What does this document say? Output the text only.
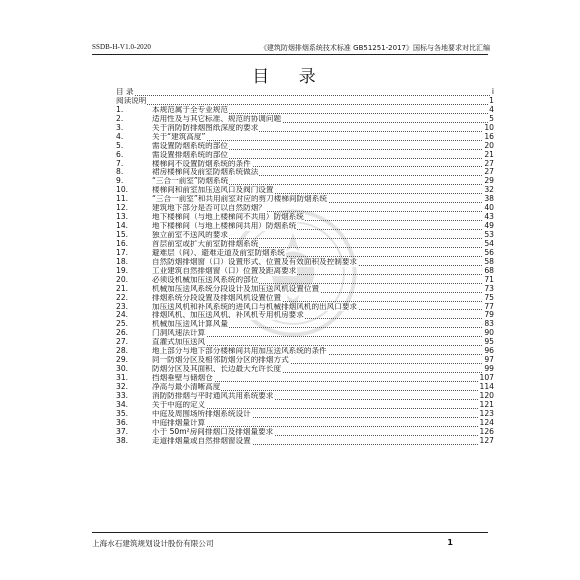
SSDB-H-V1.0-2020	《建筑防烟排烟系统技术标准 GB51251-2017》国标与各地要求对比汇编
目 录
目 录	i
阅读说明	1
1.	本规范属于全专业规范	4
2.	适用性及与其它标准、规范的协调问题	5
3.	关于消防防排烟图纸深度的要求	10
4.	关于“建筑高度”	16
5.	需设置防烟系统的部位	20
6.	需设置排烟系统的部位	21
7.	楼梯间不设置防烟系统的条件	27
8.	裙房楼梯间及前室防烟系统做法	27
9.	“三合一前室”防烟系统	29
10.	楼梯间和前室加压送风口及阀门设置	32
11.	“三合一前室”和共用前室对应的剪刀楼梯间防烟系统	38
12.	建筑地下部分是否可以自然防烟？	40
13.	地下楼梯间（与地上楼梯间不共用）防烟系统	43
14.	地下楼梯间（与地上楼梯间共用）防烟系统	49
15.	独立前室不送风的要求	53
16.	首层前室或扩大前室防排烟系统	54
17.	避难层（间）、避难走道及前室防烟系统	56
18.	自然防烟排烟窗（口）设置形式、位置及有效面积及控制要求	58
19.	工业建筑自然排烟窗（口）位置及距离要求	68
20.	必须设机械加压送风系统的部位	71
21.	机械加压送风系统分段设计及加压送风机设置位置	73
22.	排烟系统分段设置及排烟风机设置位置	75
23.	加压送风机和补风系统的进风口与机械排烟风机的出风口要求	77
24.	排烟风机、加压送风机、补风机专用机房要求	79
25.	机械加压送风计算风量	83
26.	门洞风速法计算	90
27.	直灌式加压送风	95
28.	地上部分与地下部分楼梯间共用加压送风系统的条件	96
29.	同一防烟分区及相邻防烟分区的排烟方式	97
30.	防烟分区及其面积、长边最大允许长度	99
31.	挡烟垂壁与储烟仓	107
32.	净高与最小清晰高度	114
33.	消防防排烟与平时通风共用系统要求	120
34.	关于中庭的定义	121
35.	中庭及周围场所排烟系统设计	123
36.	中庭排烟量计算	124
37.	小于 50m²房间排烟口及排烟量要求	126
38.	走道排烟量或自然排烟窗设置	127
上海水石建筑规划设计股份有限公司	1
